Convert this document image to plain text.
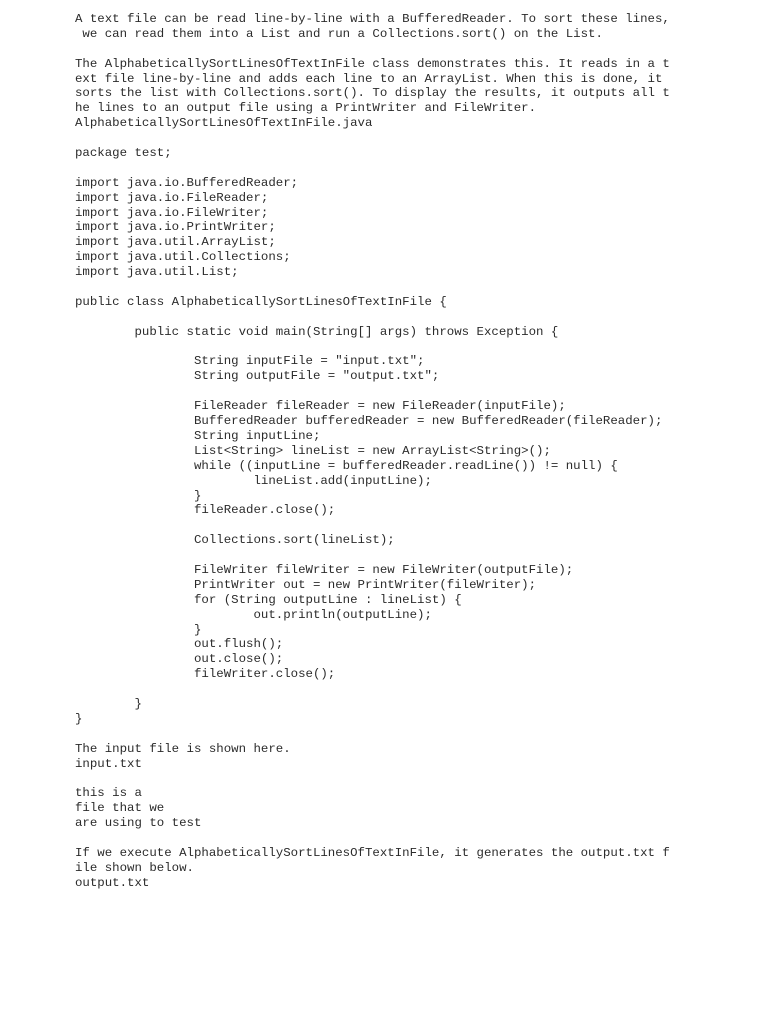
A text file can be read line-by-line with a BufferedReader. To sort these lines,
we can read them into a List and run a Collections.sort() on the List.
The AlphabeticallySortLinesOfTextInFile class demonstrates this. It reads in a t
ext file line-by-line and adds each line to an ArrayList. When this is done, it
sorts the list with Collections.sort(). To display the results, it outputs all t
he lines to an output file using a PrintWriter and FileWriter.
AlphabeticallySortLinesOfTextInFile.java
package test;
import java.io.BufferedReader;
import java.io.FileReader;
import java.io.FileWriter;
import java.io.PrintWriter;
import java.util.ArrayList;
import java.util.Collections;
import java.util.List;
public class AlphabeticallySortLinesOfTextInFile {
public static void main(String[] args) throws Exception {
String inputFile = "input.txt";
String outputFile = "output.txt";
FileReader fileReader = new FileReader(inputFile);
BufferedReader bufferedReader = new BufferedReader(fileReader);
String inputLine;
List<String> lineList = new ArrayList<String>();
while ((inputLine = bufferedReader.readLine()) != null) {
lineList.add(inputLine);
}
fileReader.close();
Collections.sort(lineList);
FileWriter fileWriter = new FileWriter(outputFile);
PrintWriter out = new PrintWriter(fileWriter);
for (String outputLine : lineList) {
out.println(outputLine);
}
out.flush();
out.close();
fileWriter.close();
}
}
The input file is shown here.
input.txt
this is a
file that we
are using to test
If we execute AlphabeticallySortLinesOfTextInFile, it generates the output.txt f
ile shown below.
output.txt
